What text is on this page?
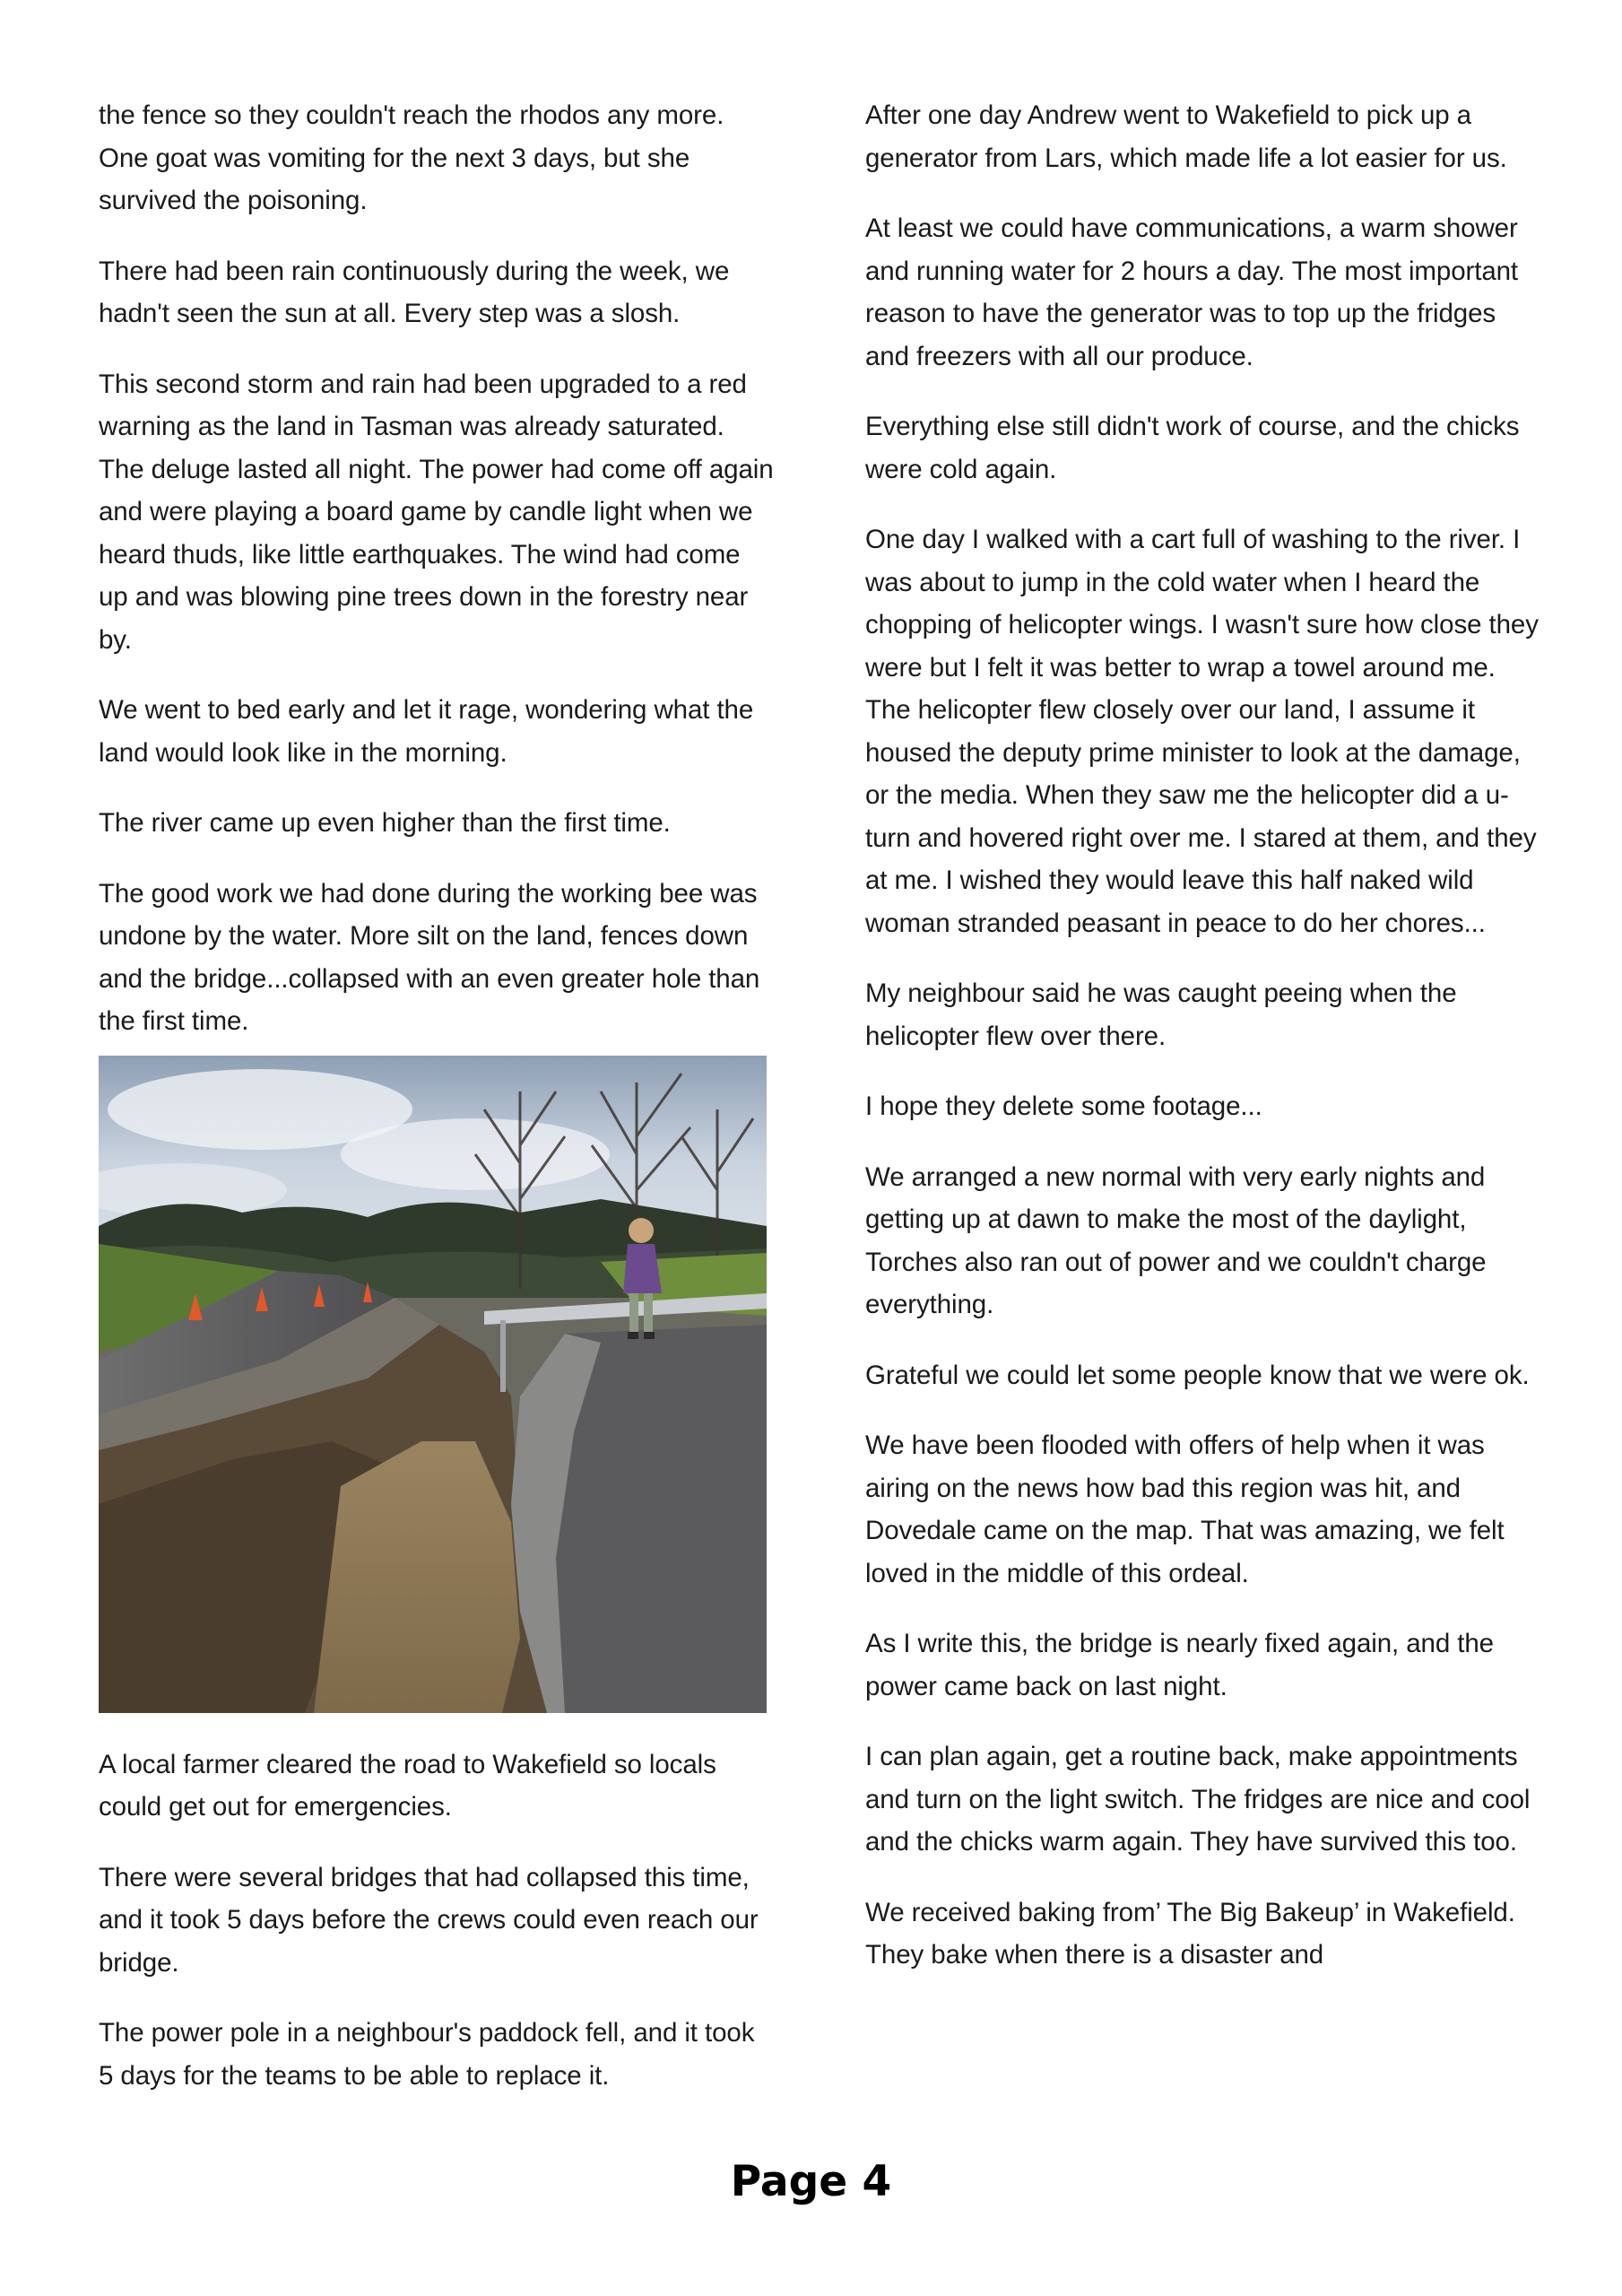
the fence so they couldn't reach the rhodos any more. One goat was vomiting for the next 3 days, but she survived the poisoning.

There had been rain continuously during the week, we hadn't seen the sun at all. Every step was a slosh.

This second storm and rain had been upgraded to a red warning as the land in Tasman was already saturated. The deluge lasted all night. The power had come off again and were playing a board game by candle light when we heard thuds, like little earthquakes. The wind had come up and was blowing pine trees down in the forestry near by.

We went to bed early and let it rage, wondering what the land would look like in the morning.

The river came up even higher than the first time.

The good work we had done during the working bee was undone by the water. More silt on the land, fences down and the bridge...collapsed with an even greater hole than the first time.

A local farmer cleared the road to Wakefield so locals could get out for emergencies.

There were several bridges that had collapsed this time, and it took 5 days before the crews could even reach our bridge.

The power pole in a neighbour's paddock fell, and it took 5 days for the teams to be able to replace it.

After one day Andrew went to Wakefield to pick up a generator from Lars, which made life a lot easier for us.

At least we could have communications, a warm shower and running water for 2 hours a day. The most important reason to have the generator was to top up the fridges and freezers with all our produce.

Everything else still didn't work of course, and the chicks were cold again.

One day I walked with a cart full of washing to the river. I was about to jump in the cold water when I heard the chopping of helicopter wings. I wasn't sure how close they were but I felt it was better to wrap a towel around me. The helicopter flew closely over our land, I assume it housed the deputy prime minister to look at the damage, or the media. When they saw me the helicopter did a u-turn and hovered right over me. I stared at them, and they at me. I wished they would leave this half naked wild woman stranded peasant in peace to do her chores...

My neighbour said he was caught peeing when the helicopter flew over there.

I hope they delete some footage...

We arranged a new normal with very early nights and getting up at dawn to make the most of the daylight, Torches also ran out of power and we couldn't charge everything.

Grateful we could let some people know that we were ok.

We have been flooded with offers of help when it was airing on the news how bad this region was hit, and Dovedale came on the map. That was amazing, we felt loved in the middle of this ordeal.

As I write this, the bridge is nearly fixed again, and the power came back on last night.

I can plan again, get a routine back, make appointments and turn on the light switch. The fridges are nice and cool and the chicks warm again. They have survived this too.

We received baking from’ The Big Bakeup’ in Wakefield. They bake when there is a disaster and

Page 4
